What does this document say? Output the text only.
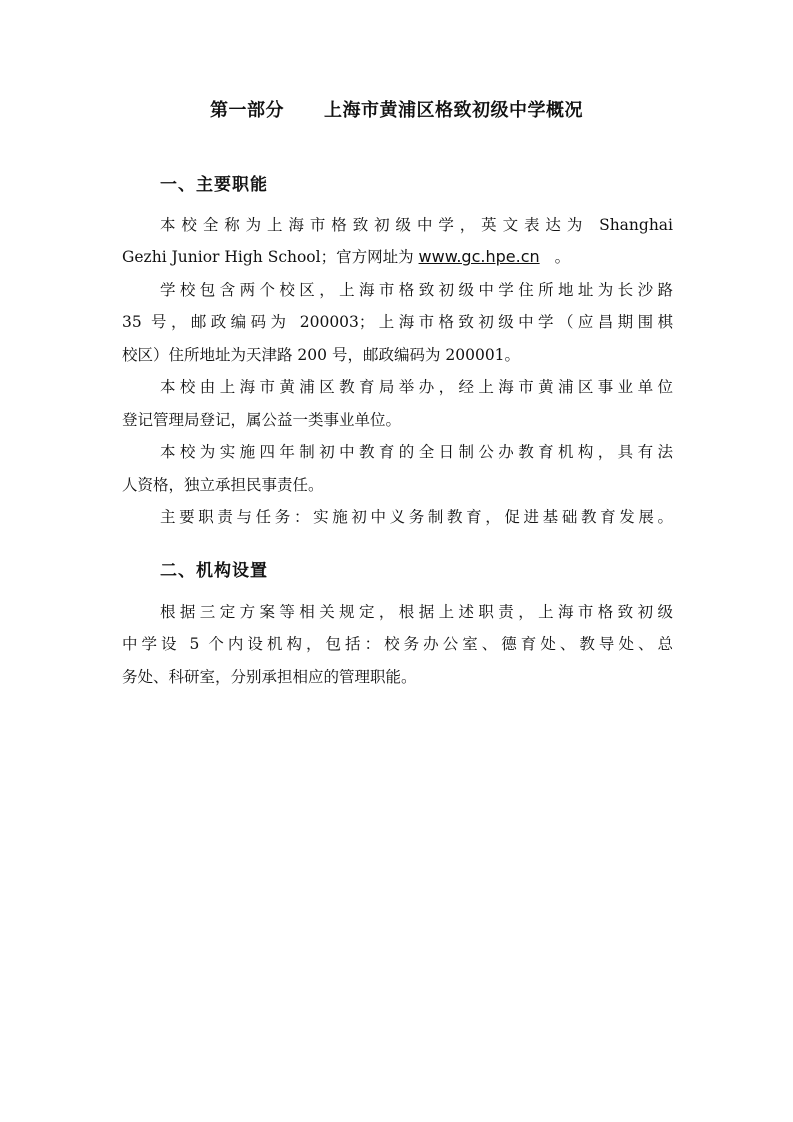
第一部分 上海市黄浦区格致初级中学概况
一、主要职能
本校全称为上海市格致初级中学，英文表达为 Shanghai
Gezhi Junior High School；官方网址为 www.gc.hpe.cn 。
学校包含两个校区，上海市格致初级中学住所地址为长沙路
35 号，邮政编码为 200003；上海市格致初级中学（应昌期围棋
校区）住所地址为天津路 200 号，邮政编码为 200001。
本校由上海市黄浦区教育局举办，经上海市黄浦区事业单位
登记管理局登记，属公益一类事业单位。
本校为实施四年制初中教育的全日制公办教育机构，具有法
人资格，独立承担民事责任。
主要职责与任务：实施初中义务制教育，促进基础教育发展。
二、机构设置
根据三定方案等相关规定，根据上述职责，上海市格致初级
中学设 5 个内设机构，包括：校务办公室、德育处、教导处、总
务处、科研室，分别承担相应的管理职能。
